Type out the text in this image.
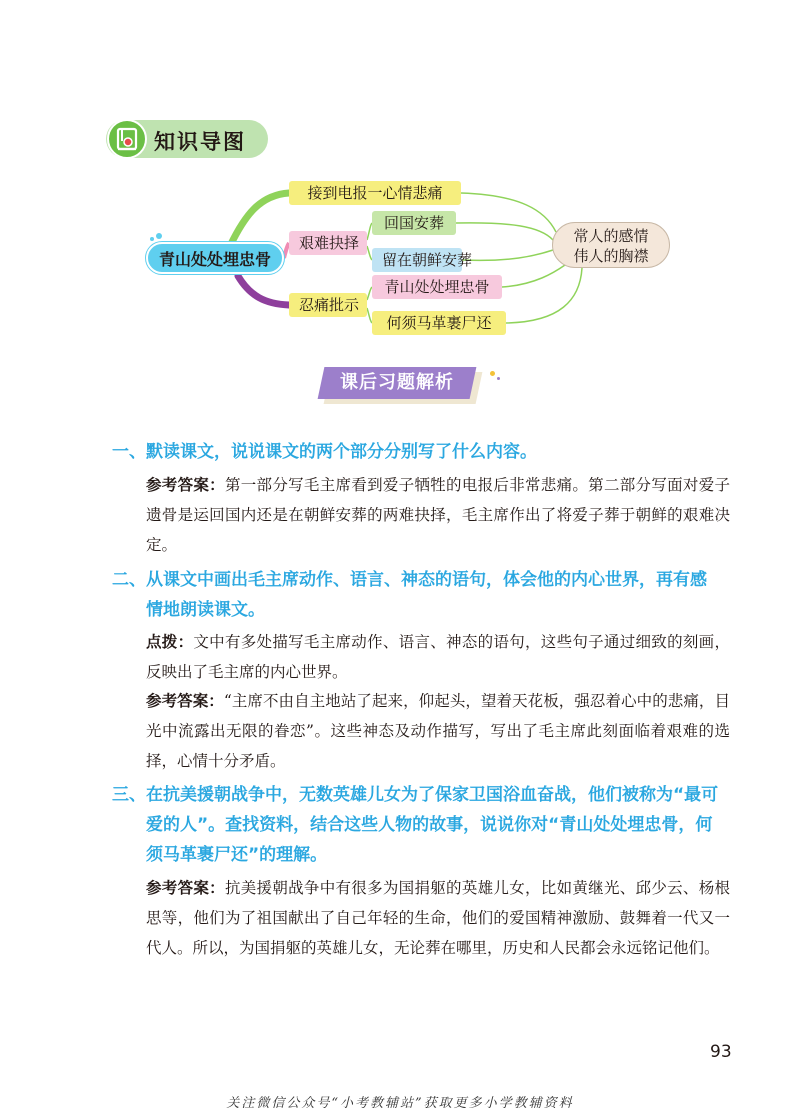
知识导图
青山处处埋忠骨
接到电报一心情悲痛
艰难抉择
忍痛批示
回国安葬
留在朝鲜安葬
青山处处埋忠骨
何须马革裹尸还
常人的感情
伟人的胸襟
课后习题解析
一、默读课文，说说课文的两个部分分别写了什么内容。
参考答案：第一部分写毛主席看到爱子牺牲的电报后非常悲痛。第二部分写面对爱子遗骨是运回国内还是在朝鲜安葬的两难抉择，毛主席作出了将爱子葬于朝鲜的艰难决定。
二、 从课文中画出毛主席动作、语言、神态的语句，体会他的内心世界，再有感情地朗读课文。
点拨：文中有多处描写毛主席动作、语言、神态的语句，这些句子通过细致的刻画，反映出了毛主席的内心世界。
参考答案：“主席不由自主地站了起来，仰起头，望着天花板，强忍着心中的悲痛，目光中流露出无限的眷恋”。这些神态及动作描写，写出了毛主席此刻面临着艰难的选择，心情十分矛盾。
三、 在抗美援朝战争中，无数英雄儿女为了保家卫国浴血奋战，他们被称为“最可爱的人”。查找资料，结合这些人物的故事，说说你对“青山处处埋忠骨，何须马革裹尸还”的理解。
参考答案：抗美援朝战争中有很多为国捐躯的英雄儿女，比如黄继光、邱少云、杨根思等，他们为了祖国献出了自己年轻的生命，他们的爱国精神激励、鼓舞着一代又一代人。所以，为国捐躯的英雄儿女，无论葬在哪里，历史和人民都会永远铭记他们。
93
关注微信公众号“小考教辅站”获取更多小学教辅资料
